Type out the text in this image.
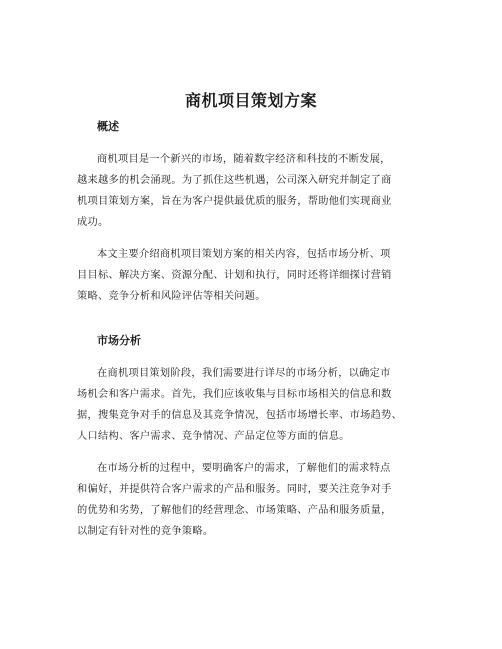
商机项目策划方案
概述
商机项目是一个新兴的市场，随着数字经济和科技的不断发展，
越来越多的机会涌现。为了抓住这些机遇，公司深入研究并制定了商
机项目策划方案，旨在为客户提供最优质的服务，帮助他们实现商业
成功。
本文主要介绍商机项目策划方案的相关内容，包括市场分析、项
目目标、解决方案、资源分配、计划和执行，同时还将详细探讨营销
策略、竞争分析和风险评估等相关问题。
市场分析
在商机项目策划阶段，我们需要进行详尽的市场分析，以确定市
场机会和客户需求。首先，我们应该收集与目标市场相关的信息和数
据，搜集竞争对手的信息及其竞争情况，包括市场增长率、市场趋势、
人口结构、客户需求、竞争情况、产品定位等方面的信息。
在市场分析的过程中，要明确客户的需求，了解他们的需求特点
和偏好，并提供符合客户需求的产品和服务。同时，要关注竞争对手
的优势和劣势，了解他们的经营理念、市场策略、产品和服务质量，
以制定有针对性的竞争策略。
